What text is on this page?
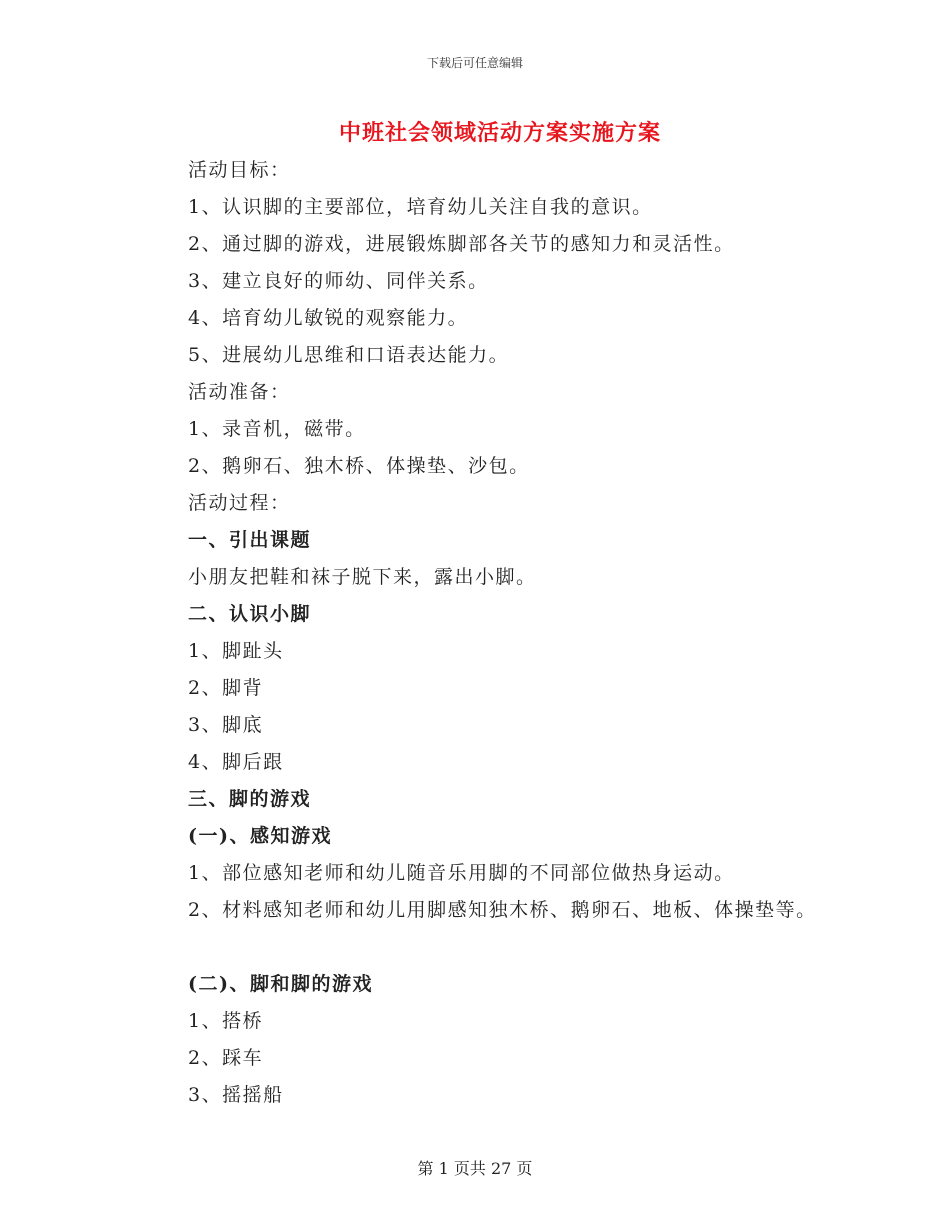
下载后可任意编辑
中班社会领域活动方案实施方案
活动目标：
1、认识脚的主要部位，培育幼儿关注自我的意识。
2、通过脚的游戏，进展锻炼脚部各关节的感知力和灵活性。
3、建立良好的师幼、同伴关系。
4、培育幼儿敏锐的观察能力。
5、进展幼儿思维和口语表达能力。
活动准备：
1、录音机，磁带。
2、鹅卵石、独木桥、体操垫、沙包。
活动过程：
一、引出课题
小朋友把鞋和袜子脱下来，露出小脚。
二、认识小脚
1、脚趾头
2、脚背
3、脚底
4、脚后跟
三、脚的游戏
(一)、感知游戏
1、部位感知老师和幼儿随音乐用脚的不同部位做热身运动。
2、材料感知老师和幼儿用脚感知独木桥、鹅卵石、地板、体操垫等。
(二)、脚和脚的游戏
1、搭桥
2、踩车
3、摇摇船
第 1 页共 27 页
